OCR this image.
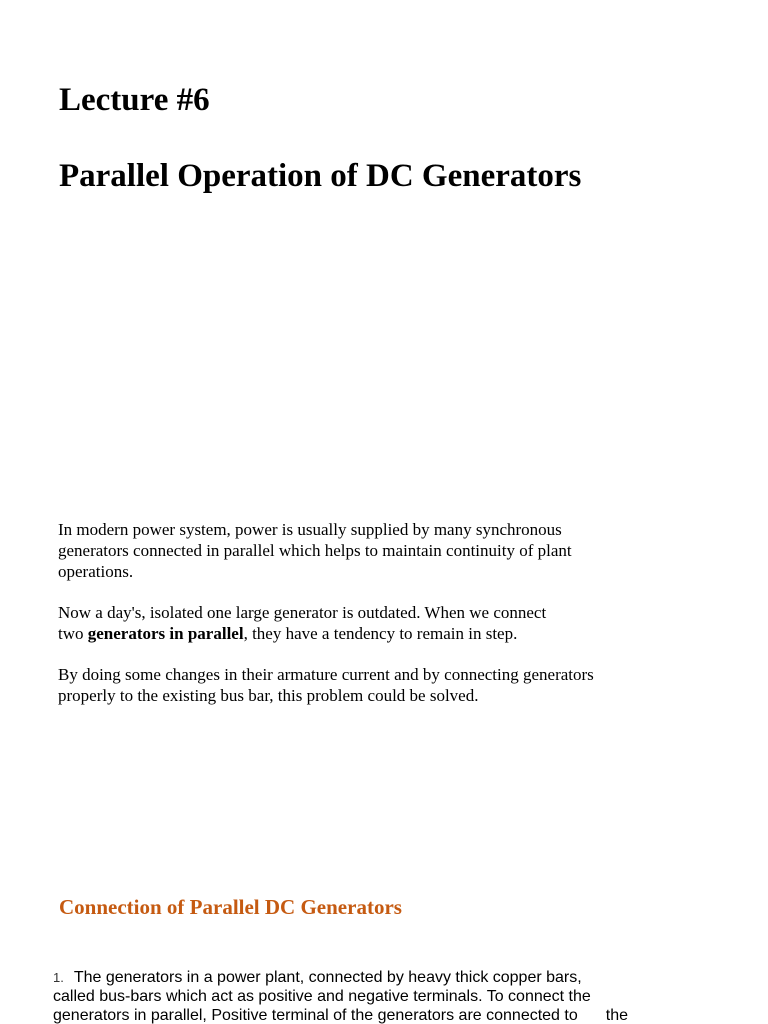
Lecture #6
Parallel Operation of DC Generators

In modern power system, power is usually supplied by many synchronous
generators connected in parallel which helps to maintain continuity of plant
operations.

Now a day's, isolated one large generator is outdated. When we connect
two generators in parallel, they have a tendency to remain in step.

By doing some changes in their armature current and by connecting generators
properly to the existing bus bar, this problem could be solved.

Connection of Parallel DC Generators
1. The generators in a power plant, connected by heavy thick copper bars,
called bus-bars which act as positive and negative terminals. To connect the
generators in parallel, Positive terminal of the generators are connected to the
